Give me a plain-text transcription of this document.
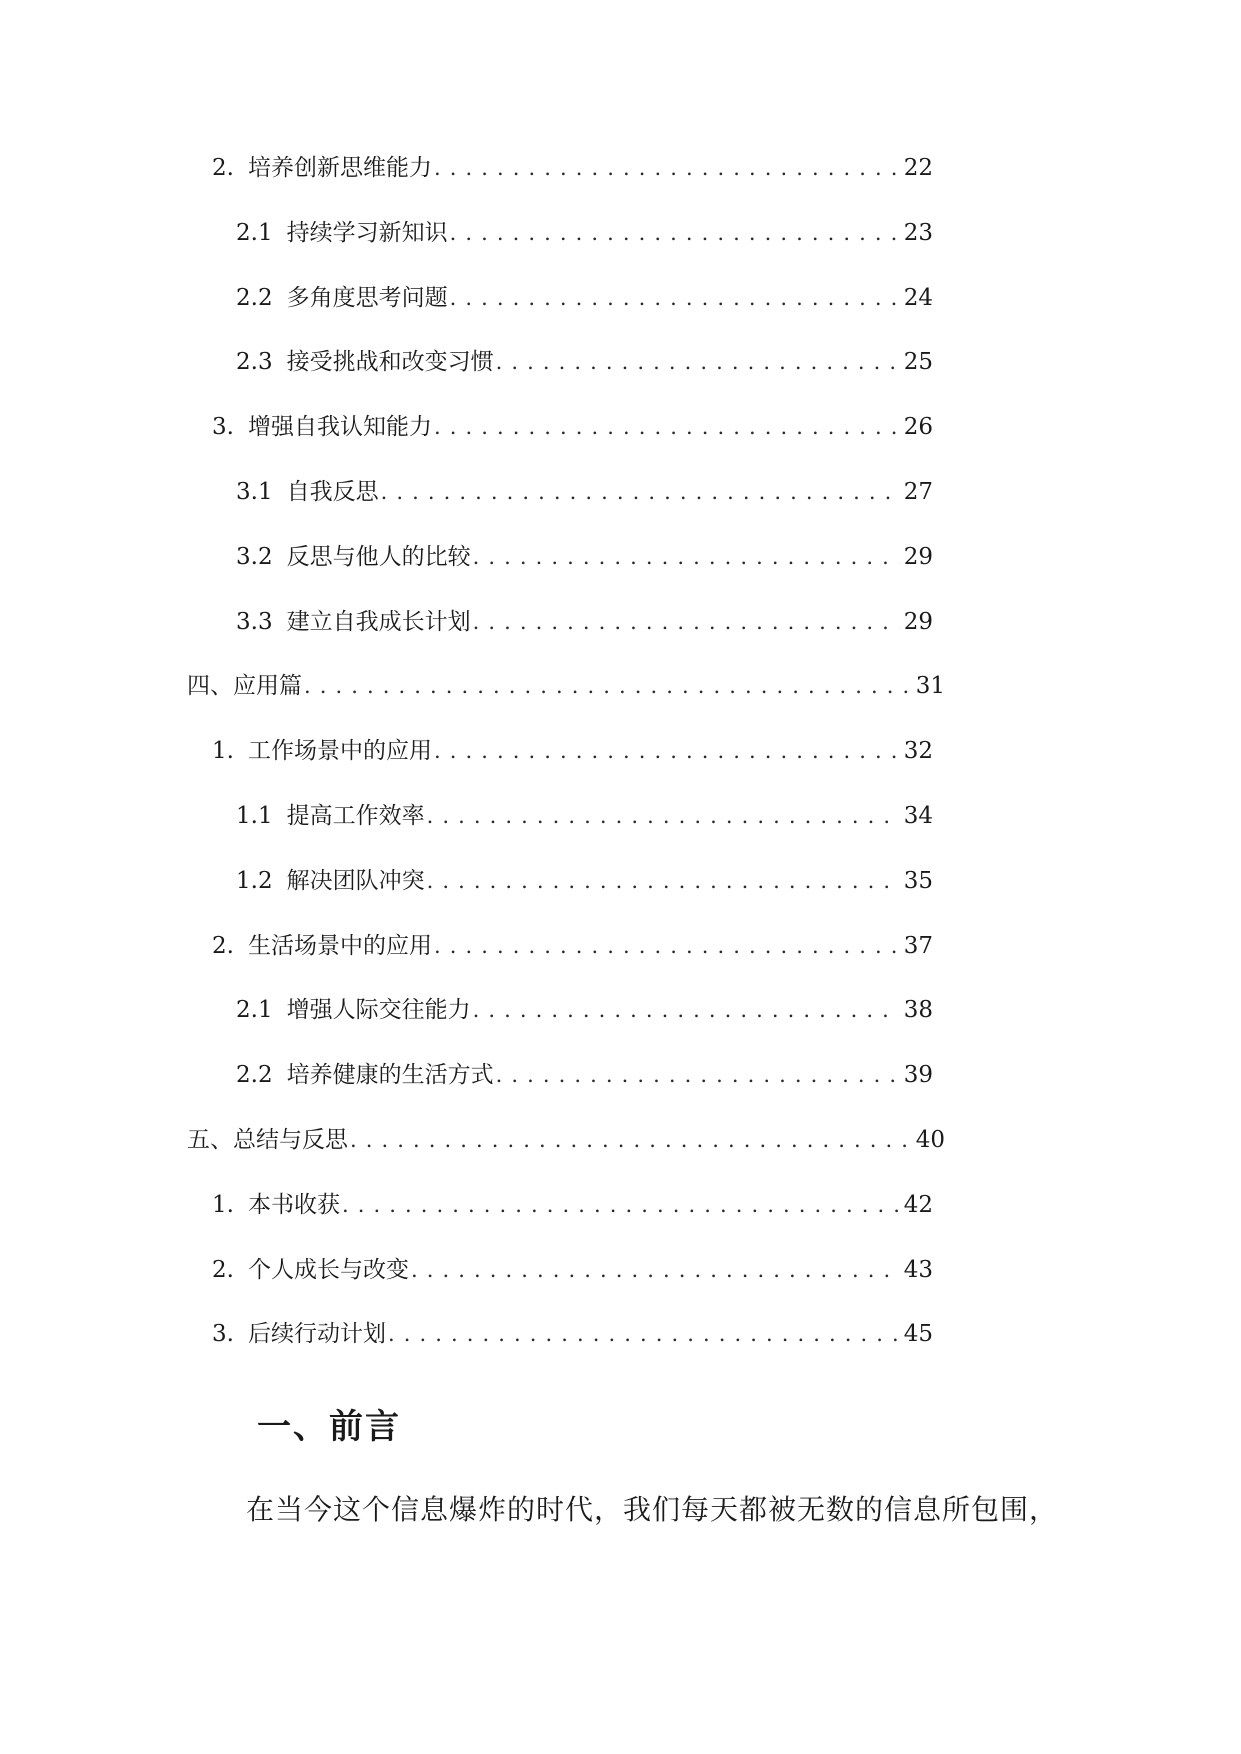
2. 培养创新思维能力 . . .	22
2.1 持续学习新知识 . . .	23
2.2 多角度思考问题 . . .	24
2.3 接受挑战和改变习惯 . . .	25
3. 增强自我认知能力 . . .	26
3.1 自我反思 . . .	27
3.2 反思与他人的比较 . . .	29
3.3 建立自我成长计划 . . .	29
四、应用篇 . . .	31
1. 工作场景中的应用 . . .	32
1.1 提高工作效率 . . .	34
1.2 解决团队冲突 . . .	35
2. 生活场景中的应用 . . .	37
2.1 增强人际交往能力 . . .	38
2.2 培养健康的生活方式 . . .	39
五、总结与反思 . . .	40
1. 本书收获 . . .	42
2. 个人成长与改变 . . .	43
3. 后续行动计划 . . .	45
一、前言
在当今这个信息爆炸的时代，我们每天都被无数的信息所包围，
